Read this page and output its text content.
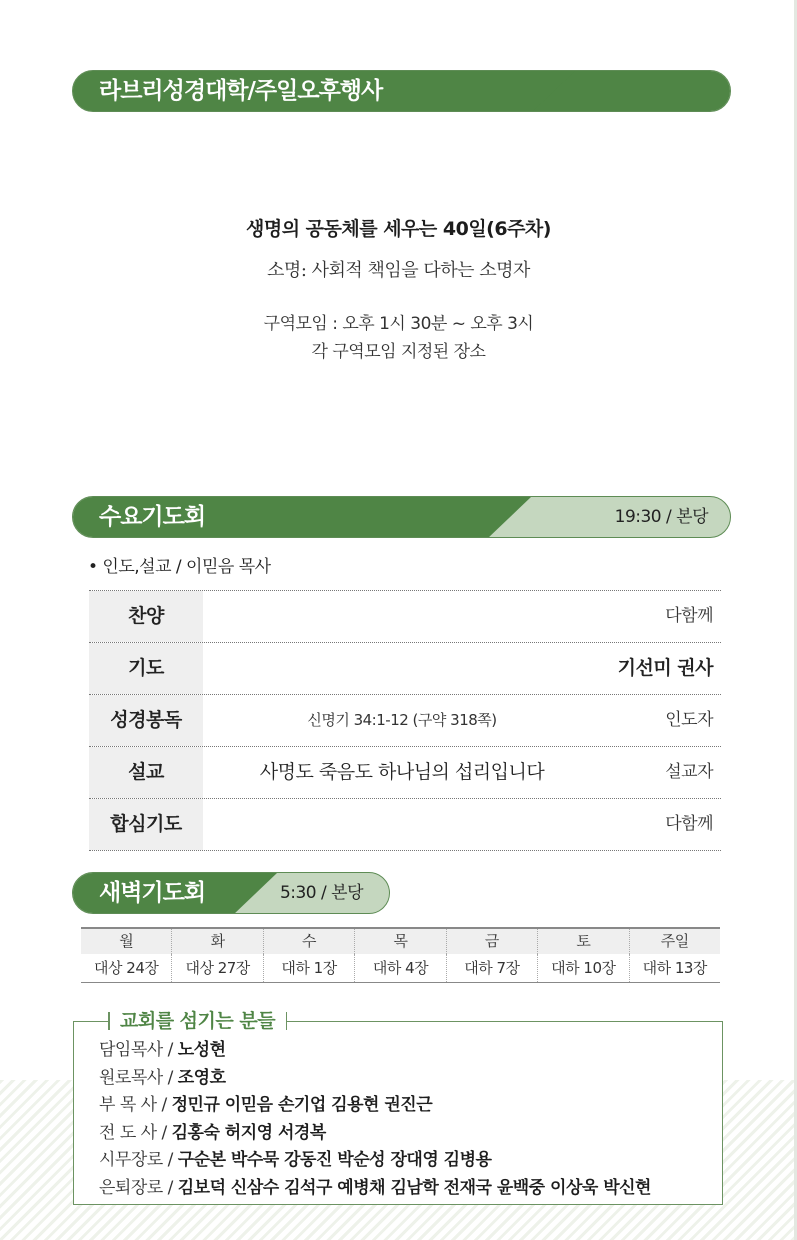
라브리성경대학/주일오후행사
생명의 공동체를 세우는 40일(6주차)
소명: 사회적 책임을 다하는 소명자
구역모임 : 오후 1시 30분 ~ 오후 3시
각 구역모임 지정된 장소
수요기도회	19:30 / 본당
• 인도,설교 / 이믿음 목사
찬양	다함께
기도	기선미 권사
성경봉독	신명기 34:1-12 (구약 318쪽)	인도자
설교	사명도 죽음도 하나님의 섭리입니다	설교자
합심기도	다함께
새벽기도회	5:30 / 본당
월	화	수	목	금	토	주일
대상 24장	대상 27장	대하 1장	대하 4장	대하 7장	대하 10장	대하 13장
담임목사 / 노성현
원로목사 / 조영호
부 목 사 / 정민규 이믿음 손기업 김용현 권진근
전 도 사 / 김홍숙 허지영 서경복
시무장로 / 구순본 박수묵 강동진 박순성 장대영 김병용
은퇴장로 / 김보덕 신삼수 김석구 예병채 김남학 전재국 윤백중 이상욱 박신현
교회를 섬기는 분들
